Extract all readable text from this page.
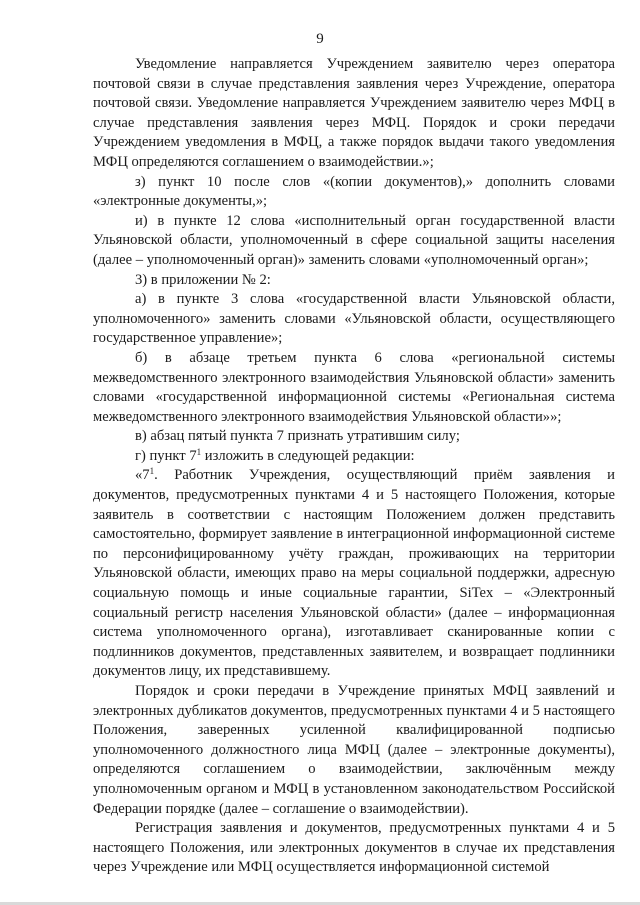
9

Уведомление направляется Учреждением заявителю через оператора почтовой связи в случае представления заявления через Учреждение, оператора почтовой связи. Уведомление направляется Учреждением заявителю через МФЦ в случае представления заявления через МФЦ. Порядок и сроки передачи Учреждением уведомления в МФЦ, а также порядок выдачи такого уведомления МФЦ определяются соглашением о взаимодействии.»;

з) пункт 10 после слов «(копии документов),» дополнить словами «электронные документы,»;

и) в пункте 12 слова «исполнительный орган государственной власти Ульяновской области, уполномоченный в сфере социальной защиты населения (далее – уполномоченный орган)» заменить словами «уполномоченный орган»;

3) в приложении № 2:

а) в пункте 3 слова «государственной власти Ульяновской области, уполномоченного» заменить словами «Ульяновской области, осуществляющего государственное управление»;

б) в абзаце третьем пункта 6 слова «региональной системы межведомственного электронного взаимодействия Ульяновской области» заменить словами «государственной информационной системы «Региональная система межведомственного электронного взаимодействия Ульяновской области»»;

в) абзац пятый пункта 7 признать утратившим силу;

г) пункт $7^1$ изложить в следующей редакции:

«$7^1$. Работник Учреждения, осуществляющий приём заявления и документов, предусмотренных пунктами 4 и 5 настоящего Положения, которые заявитель в соответствии с настоящим Положением должен представить самостоятельно, формирует заявление в интеграционной информационной системе по персонифицированному учёту граждан, проживающих на территории Ульяновской области, имеющих право на меры социальной поддержки, адресную социальную помощь и иные социальные гарантии, SiTex – «Электронный социальный регистр населения Ульяновской области» (далее – информационная система уполномоченного органа), изготавливает сканированные копии с подлинников документов, представленных заявителем, и возвращает подлинники документов лицу, их представившему.

Порядок и сроки передачи в Учреждение принятых МФЦ заявлений и электронных дубликатов документов, предусмотренных пунктами 4 и 5 настоящего Положения, заверенных усиленной квалифицированной подписью уполномоченного должностного лица МФЦ (далее – электронные документы), определяются соглашением о взаимодействии, заключённым между уполномоченным органом и МФЦ в установленном законодательством Российской Федерации порядке (далее – соглашение о взаимодействии).

Регистрация заявления и документов, предусмотренных пунктами 4 и 5 настоящего Положения, или электронных документов в случае их представления через Учреждение или МФЦ осуществляется информационной системой
